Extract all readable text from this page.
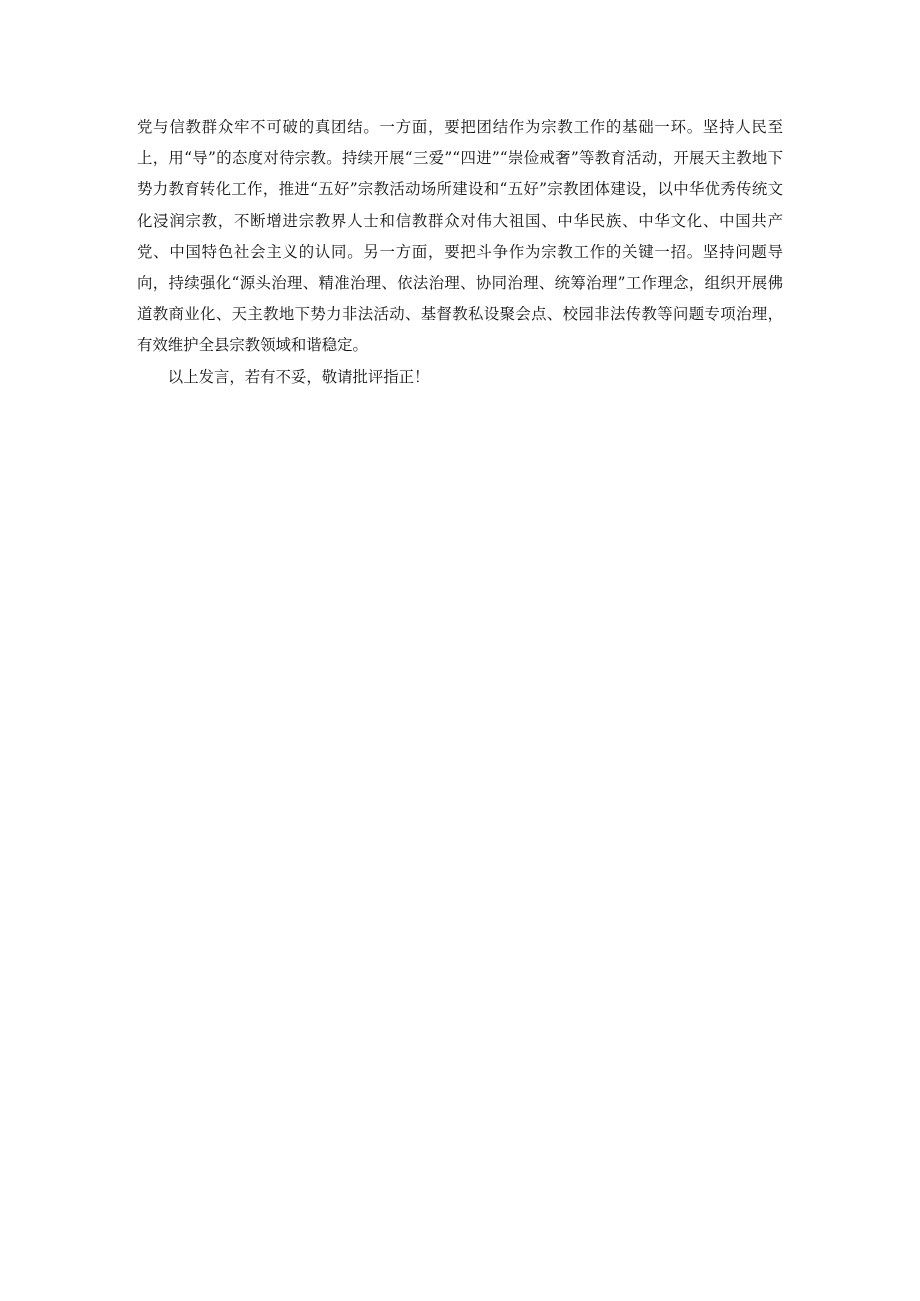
党与信教群众牢不可破的真团结。一方面，要把团结作为宗教工作的基础一环。坚持人民至上，用“导”的态度对待宗教。持续开展“三爱”“四进”“崇俭戒奢”等教育活动，开展天主教地下势力教育转化工作，推进“五好”宗教活动场所建设和“五好”宗教团体建设，以中华优秀传统文化浸润宗教，不断增进宗教界人士和信教群众对伟大祖国、中华民族、中华文化、中国共产党、中国特色社会主义的认同。另一方面，要把斗争作为宗教工作的关键一招。坚持问题导向，持续强化“源头治理、精准治理、依法治理、协同治理、统筹治理”工作理念，组织开展佛道教商业化、天主教地下势力非法活动、基督教私设聚会点、校园非法传教等问题专项治理，有效维护全县宗教领域和谐稳定。

以上发言，若有不妥，敬请批评指正！
